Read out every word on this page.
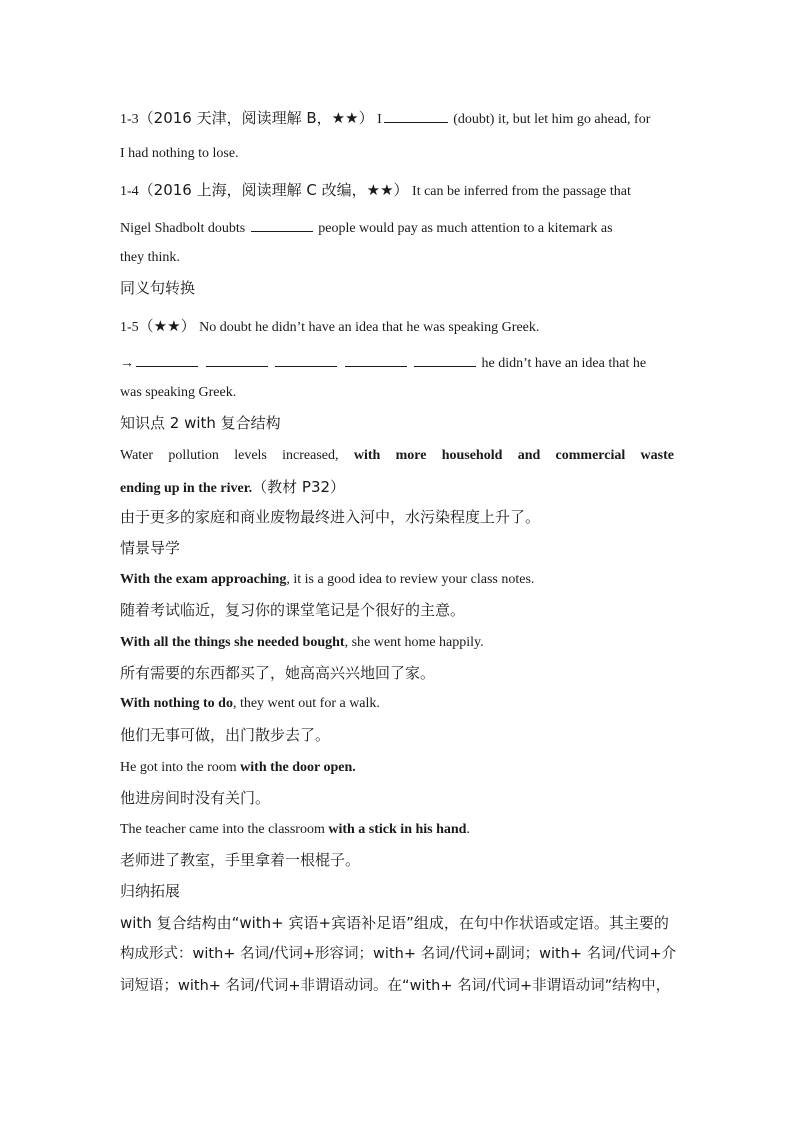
1-3（2016 天津，阅读理解 B，★★） I	(doubt) it, but let him go ahead, for
I had nothing to lose.
1-4（2016 上海，阅读理解 C 改编，★★） It can be inferred from the passage that
Nigel Shadbolt doubts	people would pay as much attention to a kitemark as
they think.
同义句转换
1-5（★★） No doubt he didn’t have an idea that he was speaking Greek.
→	he didn’t have an idea that he
was speaking Greek.
知识点 2 with 复合结构
Water pollution levels increased, with more household and commercial waste
ending up in the river.（教材 P32）
由于更多的家庭和商业废物最终进入河中，水污染程度上升了。
情景导学
With the exam approaching, it is a good idea to review your class notes.
随着考试临近，复习你的课堂笔记是个很好的主意。
With all the things she needed bought, she went home happily.
所有需要的东西都买了，她高高兴兴地回了家。
With nothing to do, they went out for a walk.
他们无事可做，出门散步去了。
He got into the room with the door open.
他进房间时没有关门。
The teacher came into the classroom with a stick in his hand.
老师进了教室，手里拿着一根棍子。
归纳拓展
with 复合结构由“with+ 宾语+宾语补足语”组成，在句中作状语或定语。其主要的
构成形式：with+ 名词/代词+形容词；with+ 名词/代词+副词；with+ 名词/代词+介
词短语；with+ 名词/代词+非谓语动词。在“with+ 名词/代词+非谓语动词”结构中，
